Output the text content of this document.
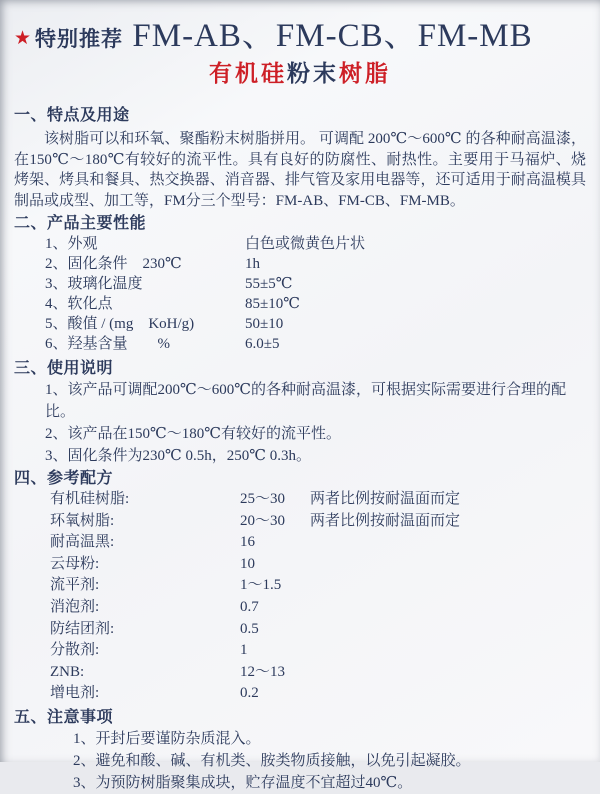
★ 特别推荐 FM-AB、FM-CB、FM-MB
有机硅粉末树脂
一、特点及用途

该树脂可以和环氧、聚酯粉末树脂拼用。 可调配 200℃～600℃ 的各种耐高温漆， 在150℃～180℃有较好的流平性。具有良好的防腐性、耐热性。主要用于马福炉、烧烤架、烤具和餐具、热交换器、消音器、排气管及家用电器等，还可适用于耐高温模具制品或成型、加工等，FM分三个型号：FM-AB、FM-CB、FM-MB。

二、产品主要性能
1、外观	白色或微黄色片状
2、固化条件　230℃	1h
3、玻璃化温度	55±5℃
4、软化点	85±10℃
5、酸值 / (mg　KoH/g)	50±10
6、羟基含量　　%	6.0±5
三、使用说明

1、该产品可调配200℃～600℃的各种耐高温漆，可根据实际需要进行合理的配比。

2、该产品在150℃～180℃有较好的流平性。

3、固化条件为230℃ 0.5h，250℃ 0.3h。

四、参考配方
有机硅树脂:	25～30	两者比例按耐温面而定
环氧树脂:	20～30	两者比例按耐温面而定
耐高温黑:	16
云母粉:	10
流平剂:	1～1.5
消泡剂:	0.7
防结团剂:	0.5
分散剂:	1
ZNB:	12～13
增电剂:	0.2
五、注意事项

1、开封后要谨防杂质混入。

2、避免和酸、碱、有机类、胺类物质接触，以免引起凝胶。

3、为预防树脂聚集成块，贮存温度不宜超过40℃。
